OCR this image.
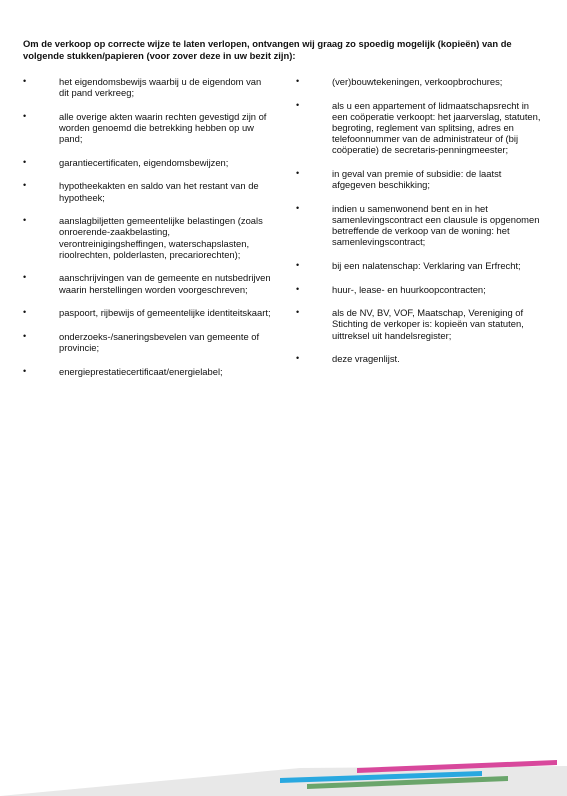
Om de verkoop op correcte wijze te laten verlopen, ontvangen wij graag zo spoedig mogelijk (kopieën) van de volgende stukken/papieren (voor zover deze in uw bezit zijn):

•	het eigendomsbewijs waarbij u de eigendom van dit pand verkreeg;
•	alle overige akten waarin rechten gevestigd zijn of worden genoemd die betrekking hebben op uw pand;
•	garantiecertificaten, eigendomsbewijzen;
•	hypotheekakten en saldo van het restant van de hypotheek;
•	aanslagbiljetten gemeentelijke belastingen (zoals onroerende-zaakbelasting, verontreinigingsheffingen, waterschapslasten, rioolrechten, polderlasten, precariorechten);
•	aanschrijvingen van de gemeente en nutsbedrijven waarin herstellingen worden voorgeschreven;
•	paspoort, rijbewijs of gemeentelijke identiteitskaart;
•	onderzoeks-/saneringsbevelen van gemeente of provincie;
•	energieprestatiecertificaat/energielabel;
•	(ver)bouwtekeningen, verkoopbrochures;
•	als u een appartement of lidmaatschapsrecht in een coöperatie verkoopt: het jaarverslag, statuten, begroting, reglement van splitsing, adres en telefoonnummer van de administrateur of (bij coöperatie) de secretaris-penningmeester;
•	in geval van premie of subsidie: de laatst afgegeven beschikking;
•	indien u samenwonend bent en in het samenlevingscontract een clausule is opgenomen betreffende de verkoop van de woning: het samenlevingscontract;
•	bij een nalatenschap: Verklaring van Erfrecht;
•	huur-, lease- en huurkoopcontracten;
•	als de NV, BV, VOF, Maatschap, Vereniging of Stichting de verkoper is: kopieën van statuten, uittreksel uit handelsregister;
•	deze vragenlijst.
